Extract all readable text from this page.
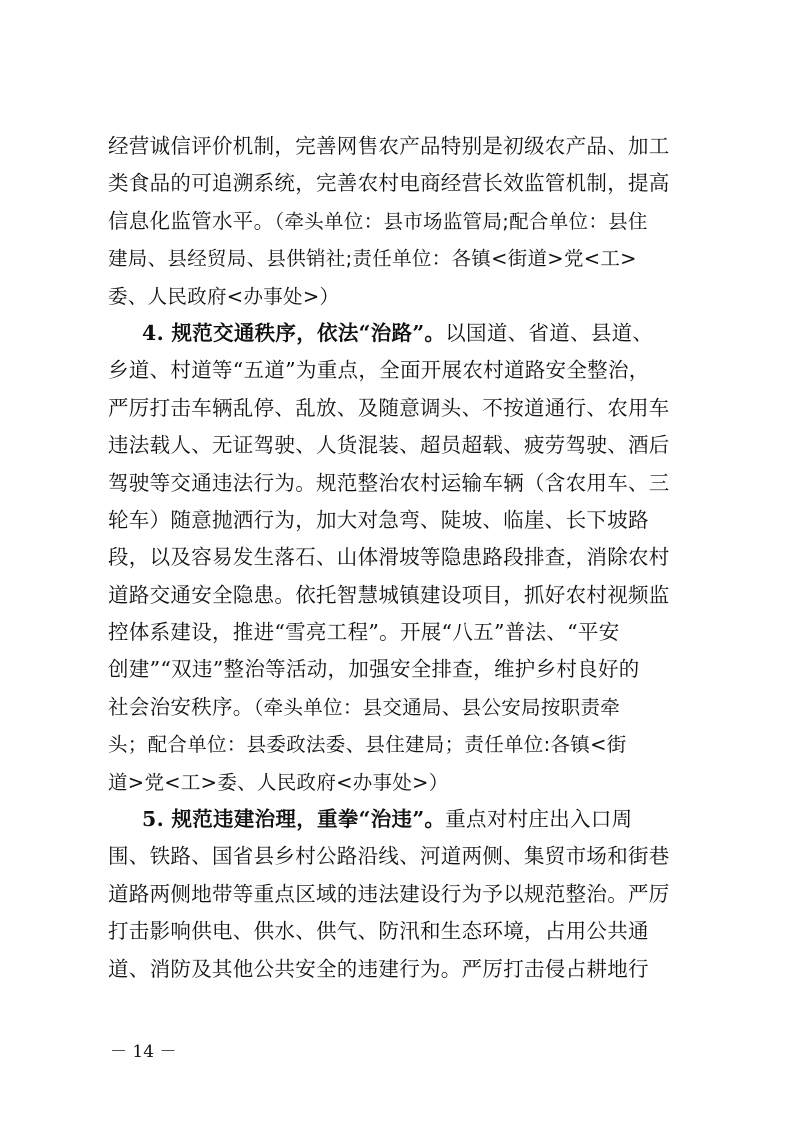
经营诚信评价机制，完善网售农产品特别是初级农产品、加工
类食品的可追溯系统，完善农村电商经营长效监管机制，提高
信息化监管水平。（牵头单位：县市场监管局;配合单位：县住
建局、县经贸局、县供销社;责任单位：各镇<街道>党<工>
委、人民政府<办事处>）
4. 规范交通秩序，依法“治路”。以国道、省道、县道、
乡道、村道等“五道”为重点，全面开展农村道路安全整治，
严厉打击车辆乱停、乱放、及随意调头、不按道通行、农用车
违法载人、无证驾驶、人货混装、超员超载、疲劳驾驶、酒后
驾驶等交通违法行为。规范整治农村运输车辆（含农用车、三
轮车）随意抛洒行为，加大对急弯、陡坡、临崖、长下坡路
段，以及容易发生落石、山体滑坡等隐患路段排查，消除农村
道路交通安全隐患。依托智慧城镇建设项目，抓好农村视频监
控体系建设，推进“雪亮工程”。开展“八五”普法、“平安
创建”“双违”整治等活动，加强安全排查，维护乡村良好的
社会治安秩序。（牵头单位：县交通局、县公安局按职责牵
头；配合单位：县委政法委、县住建局；责任单位:各镇<街
道>党<工>委、人民政府<办事处>）
5. 规范违建治理，重拳“治违”。重点对村庄出入口周
围、铁路、国省县乡村公路沿线、河道两侧、集贸市场和街巷
道路两侧地带等重点区域的违法建设行为予以规范整治。严厉
打击影响供电、供水、供气、防汛和生态环境，占用公共通
道、消防及其他公共安全的违建行为。严厉打击侵占耕地行
－ 14 －
